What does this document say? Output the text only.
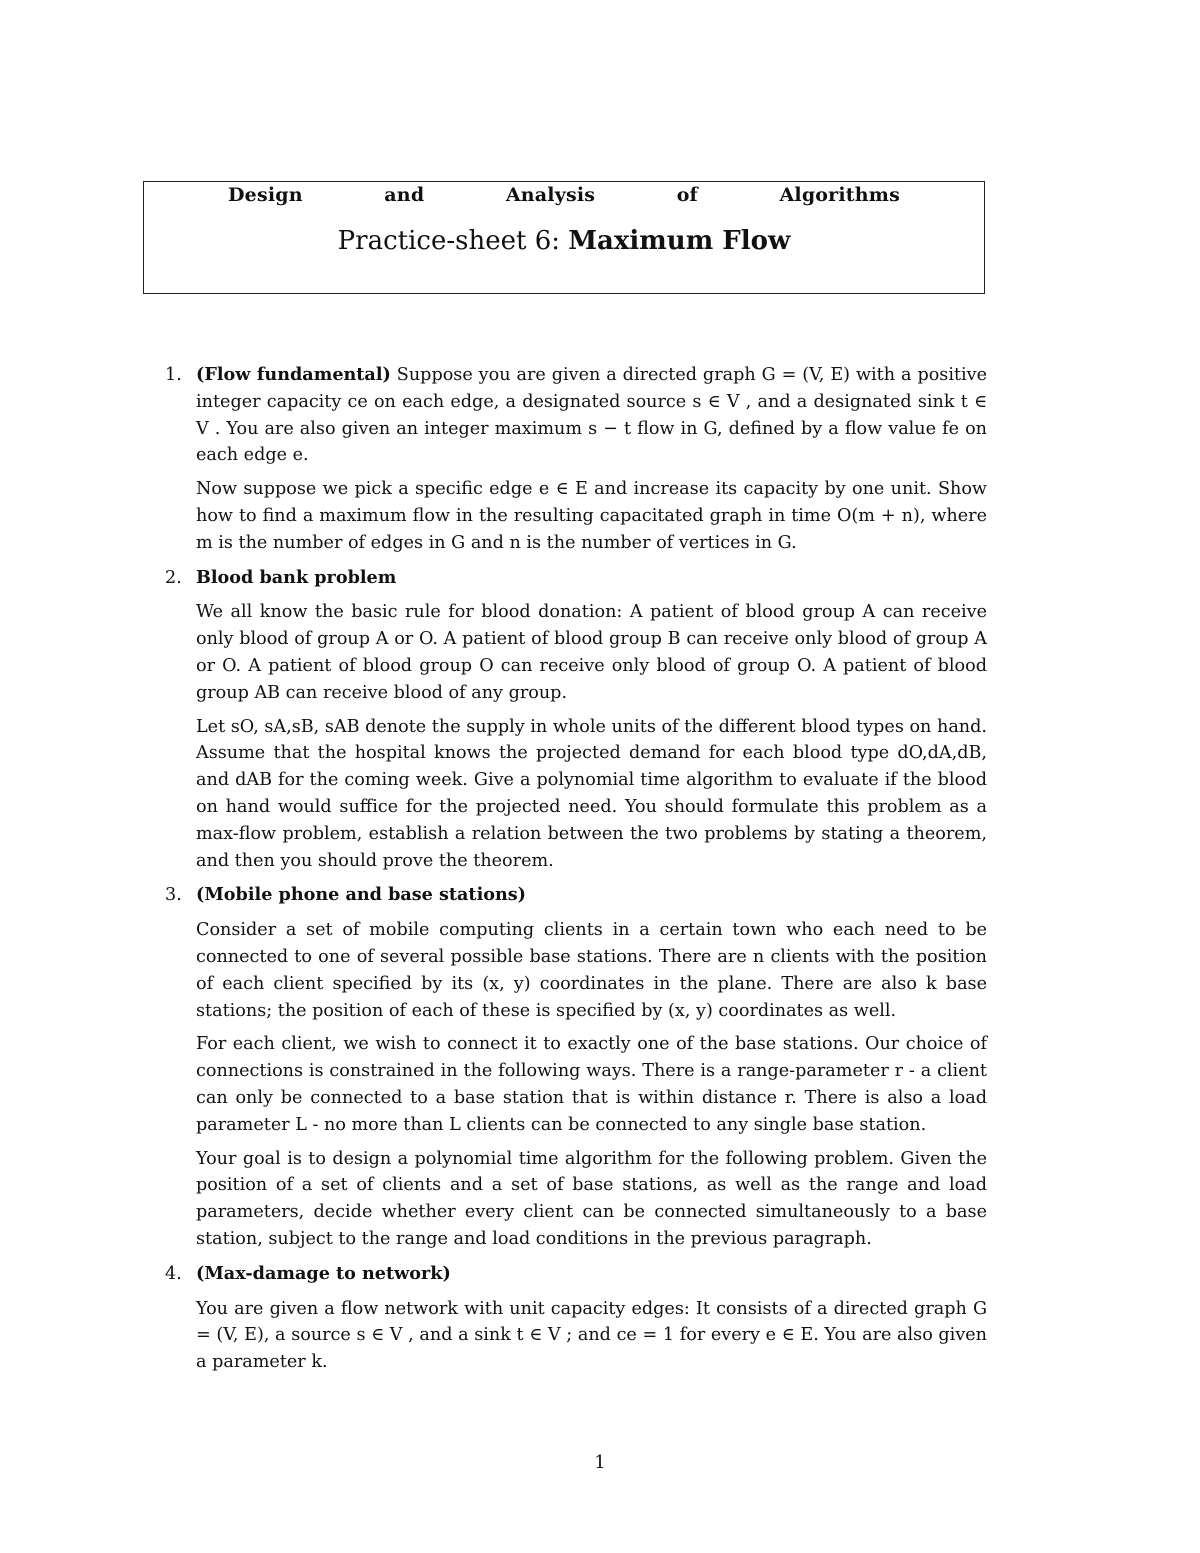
Design	and	Analysis	of	Algorithms
Practice-sheet 6: Maximum Flow
1. (Flow fundamental) Suppose you are given a directed graph G = (V, E) with a positive integer capacity ce on each edge, a designated source s ∈ V , and a designated sink t ∈ V . You are also given an integer maximum s − t flow in G, defined by a flow value fe on each edge e.

Now suppose we pick a specific edge e ∈ E and increase its capacity by one unit. Show how to find a maximum flow in the resulting capacitated graph in time O(m + n), where m is the number of edges in G and n is the number of vertices in G.

2. Blood bank problem

We all know the basic rule for blood donation: A patient of blood group A can receive only blood of group A or O. A patient of blood group B can receive only blood of group A or O. A patient of blood group O can receive only blood of group O. A patient of blood group AB can receive blood of any group.

Let sO, sA,sB, sAB denote the supply in whole units of the different blood types on hand. Assume that the hospital knows the projected demand for each blood type dO,dA,dB, and dAB for the coming week. Give a polynomial time algorithm to evaluate if the blood on hand would suffice for the projected need. You should formulate this problem as a max-flow problem, establish a relation between the two problems by stating a theorem, and then you should prove the theorem.

3. (Mobile phone and base stations)

Consider a set of mobile computing clients in a certain town who each need to be connected to one of several possible base stations. There are n clients with the position of each client specified by its (x, y) coordinates in the plane. There are also k base stations; the position of each of these is specified by (x, y) coordinates as well.

For each client, we wish to connect it to exactly one of the base stations. Our choice of connections is constrained in the following ways. There is a range-parameter r - a client can only be connected to a base station that is within distance r. There is also a load parameter L - no more than L clients can be connected to any single base station.

Your goal is to design a polynomial time algorithm for the following problem. Given the position of a set of clients and a set of base stations, as well as the range and load parameters, decide whether every client can be connected simultaneously to a base station, subject to the range and load conditions in the previous paragraph.

4. (Max-damage to network)

You are given a flow network with unit capacity edges: It consists of a directed graph G = (V, E), a source s ∈ V , and a sink t ∈ V ; and ce = 1 for every e ∈ E. You are also given a parameter k.

1
